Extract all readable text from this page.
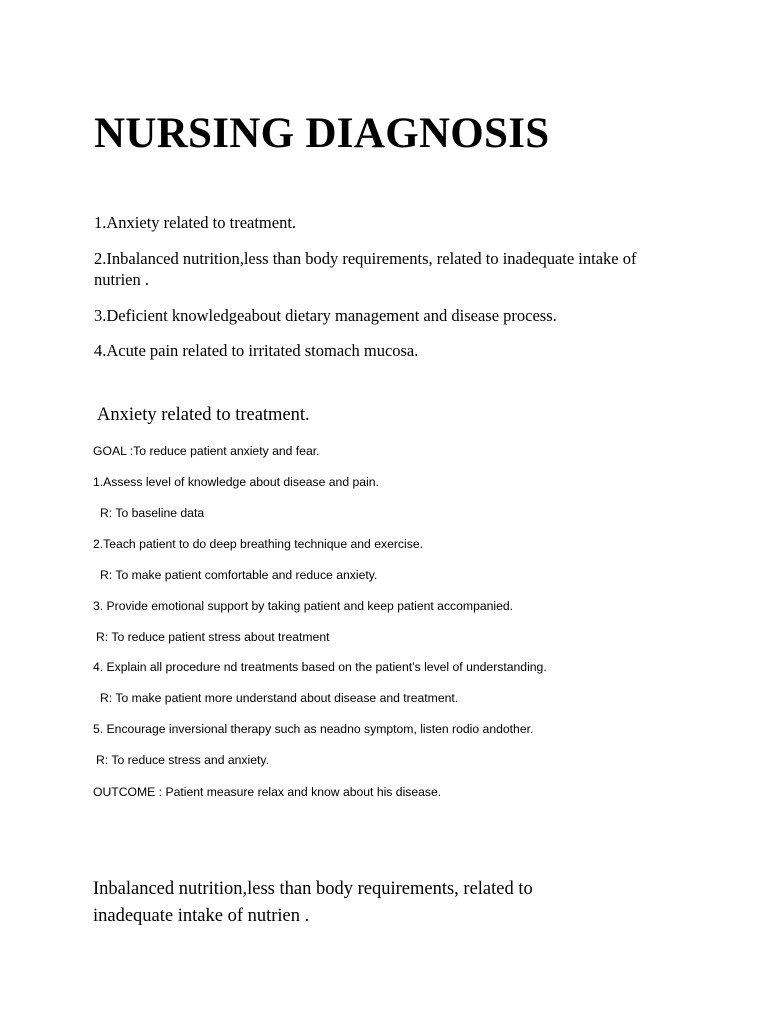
NURSING DIAGNOSIS

1.Anxiety related to treatment.

2.Inbalanced nutrition,less than body requirements, related to inadequate intake of nutrien .

3.Deficient knowledgeabout dietary management and disease process.

4.Acute pain related to irritated stomach mucosa.

Anxiety related to treatment.

GOAL :To reduce patient anxiety and fear.

1.Assess level of knowledge about disease and pain.

R: To baseline data

2.Teach patient to do deep breathing technique and exercise.

R: To make patient comfortable and reduce anxiety.

3. Provide emotional support by taking patient and keep patient accompanied.

R: To reduce patient stress about treatment

4. Explain all procedure nd treatments based on the patient’s level of understanding.

R: To make patient more understand about disease and treatment.

5. Encourage inversional therapy such as neadno symptom, listen rodio andother.

R: To reduce stress and anxiety.

OUTCOME : Patient measure relax and know about his disease.

Inbalanced nutrition,less than body requirements, related to inadequate intake of nutrien .
